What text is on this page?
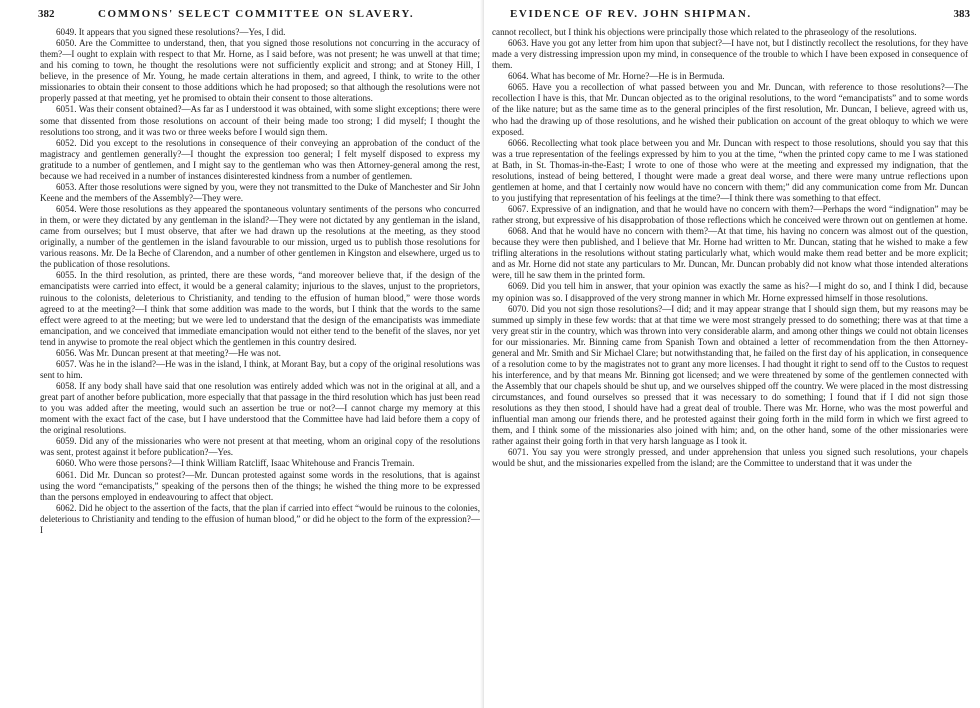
382	COMMONS' SELECT COMMITTEE ON SLAVERY.

6049. It appears that you signed these resolutions?—Yes, I did.

6050. Are the Committee to understand, then, that you signed those resolutions not concurring in the accuracy of them?—I ought to explain with respect to that Mr. Horne, as I said before, was not present; he was unwell at that time; and his coming to town, he thought the resolutions were not sufficiently explicit and strong; and at Stoney Hill, I believe, in the presence of Mr. Young, he made certain alterations in them, and agreed, I think, to write to the other missionaries to obtain their consent to those additions which he had proposed; so that although the resolutions were not properly passed at that meeting, yet he promised to obtain their consent to those alterations.

6051. Was their consent obtained?—As far as I understood it was obtained, with some slight exceptions; there were some that dissented from those resolutions on account of their being made too strong; I did myself; I thought the resolutions too strong, and it was two or three weeks before I would sign them.

6052. Did you except to the resolutions in consequence of their conveying an approbation of the conduct of the magistracy and gentlemen generally?—I thought the expression too general; I felt myself disposed to express my gratitude to a number of gentlemen, and I might say to the gentleman who was then Attorney-general among the rest, because we had received in a number of instances disinterested kindness from a number of gentlemen.

6053. After those resolutions were signed by you, were they not transmitted to the Duke of Manchester and Sir John Keene and the members of the Assembly?—They were.

6054. Were those resolutions as they appeared the spontaneous voluntary sentiments of the persons who concurred in them, or were they dictated by any gentleman in the island?—They were not dictated by any gentleman in the island, came from ourselves; but I must observe, that after we had drawn up the resolutions at the meeting, as they stood originally, a number of the gentlemen in the island favourable to our mission, urged us to publish those resolutions for various reasons. Mr. De la Beche of Clarendon, and a number of other gentlemen in Kingston and elsewhere, urged us to the publication of those resolutions.

6055. In the third resolution, as printed, there are these words, “and moreover believe that, if the design of the emancipatists were carried into effect, it would be a general calamity; injurious to the slaves, unjust to the proprietors, ruinous to the colonists, deleterious to Christianity, and tending to the effusion of human blood,” were those words agreed to at the meeting?—I think that some addition was made to the words, but I think that the words to the same effect were agreed to at the meeting; but we were led to understand that the design of the emancipatists was immediate emancipation, and we conceived that immediate emancipation would not either tend to the benefit of the slaves, nor yet tend in anywise to promote the real object which the gentlemen in this country desired.

6056. Was Mr. Duncan present at that meeting?—He was not.

6057. Was he in the island?—He was in the island, I think, at Morant Bay, but a copy of the original resolutions was sent to him.

6058. If any body shall have said that one resolution was entirely added which was not in the original at all, and a great part of another before publication, more especially that that passage in the third resolution which has just been read to you was added after the meeting, would such an assertion be true or not?—I cannot charge my memory at this moment with the exact fact of the case, but I have understood that the Committee have had laid before them a copy of the original resolutions.

6059. Did any of the missionaries who were not present at that meeting, whom an original copy of the resolutions was sent, protest against it before publication?—Yes.

6060. Who were those persons?—I think William Ratcliff, Isaac Whitehouse and Francis Tremain.

6061. Did Mr. Duncan so protest?—Mr. Duncan protested against some words in the resolutions, that is against using the word “emancipatists,” speaking of the persons then of the things; he wished the thing more to be expressed than the persons employed in endeavouring to affect that object.

6062. Did he object to the assertion of the facts, that the plan if carried into effect “would be ruinous to the colonies, deleterious to Christianity and tending to the effusion of human blood,” or did he object to the form of the expression?—I

EVIDENCE OF REV. JOHN SHIPMAN.	383

cannot recollect, but I think his objections were principally those which related to the phraseology of the resolutions.

6063. Have you got any letter from him upon that subject?—I have not, but I distinctly recollect the resolutions, for they have made a very distressing impression upon my mind, in consequence of the trouble to which I have been exposed in consequence of them.

6064. What has become of Mr. Horne?—He is in Bermuda.

6065. Have you a recollection of what passed between you and Mr. Duncan, with reference to those resolutions?—The recollection I have is this, that Mr. Duncan objected as to the original resolutions, to the word “emancipatists” and to some words of the like nature; but as the same time as to the general principles of the first resolution, Mr. Duncan, I believe, agreed with us, who had the drawing up of those resolutions, and he wished their publication on account of the great obloquy to which we were exposed.

6066. Recollecting what took place between you and Mr. Duncan with respect to those resolutions, should you say that this was a true representation of the feelings expressed by him to you at the time, “when the printed copy came to me I was stationed at Bath, in St. Thomas-in-the-East; I wrote to one of those who were at the meeting and expressed my indignation, that the resolutions, instead of being bettered, I thought were made a great deal worse, and there were many untrue reflections upon gentlemen at home, and that I certainly now would have no concern with them;” did any communication come from Mr. Duncan to you justifying that representation of his feelings at the time?—I think there was something to that effect.

6067. Expressive of an indignation, and that he would have no concern with them?—Perhaps the word “indignation” may be rather strong, but expressive of his disapprobation of those reflections which he conceived were thrown out on gentlemen at home.

6068. And that he would have no concern with them?—At that time, his having no concern was almost out of the question, because they were then published, and I believe that Mr. Horne had written to Mr. Duncan, stating that he wished to make a few trifling alterations in the resolutions without stating particularly what, which would make them read better and be more explicit; and as Mr. Horne did not state any particulars to Mr. Duncan, Mr. Duncan probably did not know what those intended alterations were, till he saw them in the printed form.

6069. Did you tell him in answer, that your opinion was exactly the same as his?—I might do so, and I think I did, because my opinion was so. I disapproved of the very strong manner in which Mr. Horne expressed himself in those resolutions.

6070. Did you not sign those resolutions?—I did; and it may appear strange that I should sign them, but my reasons may be summed up simply in these few words: that at that time we were most strangely pressed to do something; there was at that time a very great stir in the country, which was thrown into very considerable alarm, and among other things we could not obtain licenses for our missionaries. Mr. Binning came from Spanish Town and obtained a letter of recommendation from the then Attorney-general and Mr. Smith and Sir Michael Clare; but notwithstanding that, he failed on the first day of his application, in consequence of a resolution come to by the magistrates not to grant any more licenses. I had thought it right to send off to the Custos to request his interference, and by that means Mr. Binning got licensed; and we were threatened by some of the gentlemen connected with the Assembly that our chapels should be shut up, and we ourselves shipped off the country. We were placed in the most distressing circumstances, and found ourselves so pressed that it was necessary to do something; I found that if I did not sign those resolutions as they then stood, I should have had a great deal of trouble. There was Mr. Horne, who was the most powerful and influential man among our friends there, and he protested against their going forth in the mild form in which we first agreed to them, and I think some of the missionaries also joined with him; and, on the other hand, some of the other missionaries were rather against their going forth in that very harsh language as I took it.

6071. You say you were strongly pressed, and under apprehension that unless you signed such resolutions, your chapels would be shut, and the missionaries expelled from the island; are the Committee to understand that it was under the
